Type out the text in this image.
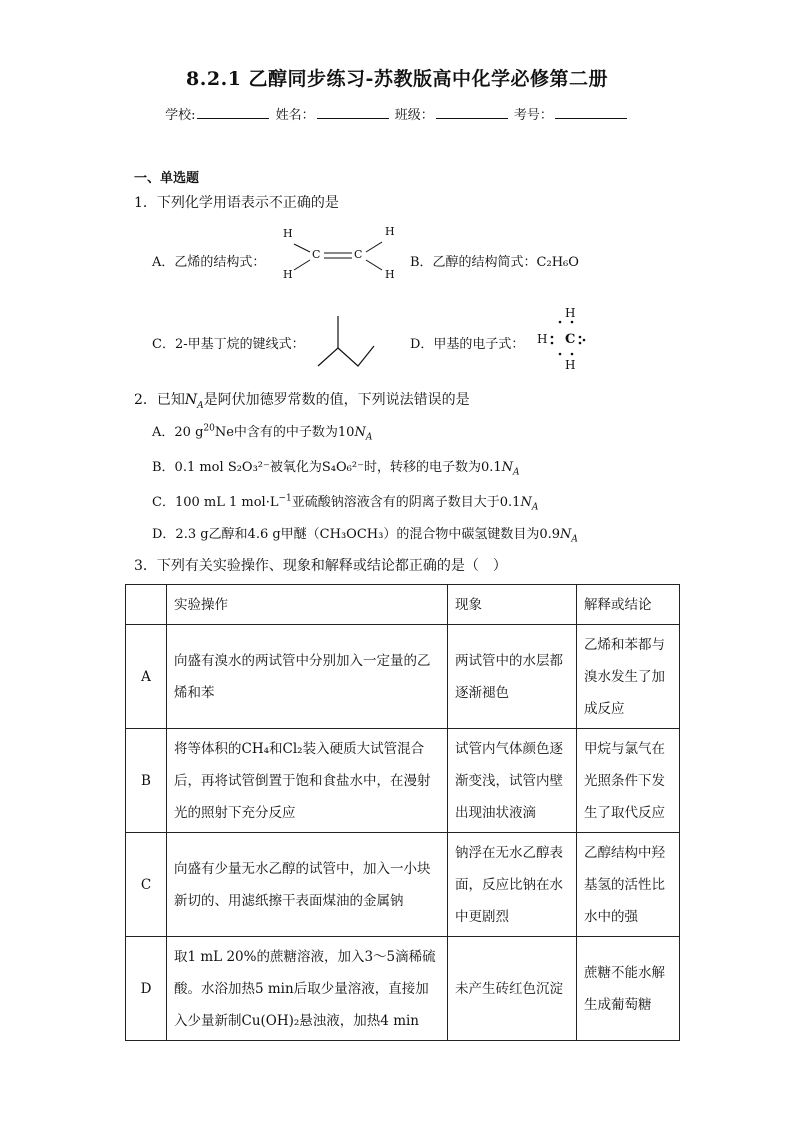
8.2.1 乙醇同步练习-苏教版高中化学必修第二册
学校:	姓名：	班级：	考号：
一、单选题
1．下列化学用语表示不正确的是
A．乙烯的结构式：
H
H
C	C
H
H
B．乙醇的结构简式：C₂H₆O
C．2-甲基丁烷的键线式：	D．甲基的电子式：
H
H C
H
2．已知$N_A$是阿伏加德罗常数的值，下列说法错误的是
A．20 $g^{20}Ne$中含有的中子数为$10N_A$
B．0.1 mol S₂O₃²⁻被氧化为S₄O₆²⁻时，转移的电子数为$0.1N_A$
C．100 mL 1 $mol\cdot L^{-1}$亚硫酸钠溶液含有的阴离子数目大于$0.1N_A$
D．2.3 g乙醇和4.6 g甲醚（CH₃OCH₃）的混合物中碳氢键数目为$0.9N_A$
3．下列有关实验操作、现象和解释或结论都正确的是（　）
	实验操作	现象	解释或结论
A	向盛有溴水的两试管中分别加入一定量的乙烯和苯	两试管中的水层都逐渐褪色	乙烯和苯都与溴水发生了加成反应
B	将等体积的CH₄和Cl₂装入硬质大试管混合后，再将试管倒置于饱和食盐水中，在漫射光的照射下充分反应	试管内气体颜色逐渐变浅，试管内壁出现油状液滴	甲烷与氯气在光照条件下发生了取代反应
C	向盛有少量无水乙醇的试管中，加入一小块新切的、用滤纸擦干表面煤油的金属钠	钠浮在无水乙醇表面，反应比钠在水中更剧烈	乙醇结构中羟基氢的活性比水中的强
D	取1 mL 20%的蔗糖溶液，加入3～5滴稀硫酸。水浴加热5 min后取少量溶液，直接加入少量新制Cu(OH)₂悬浊液，加热4 min	未产生砖红色沉淀	蔗糖不能水解生成葡萄糖
